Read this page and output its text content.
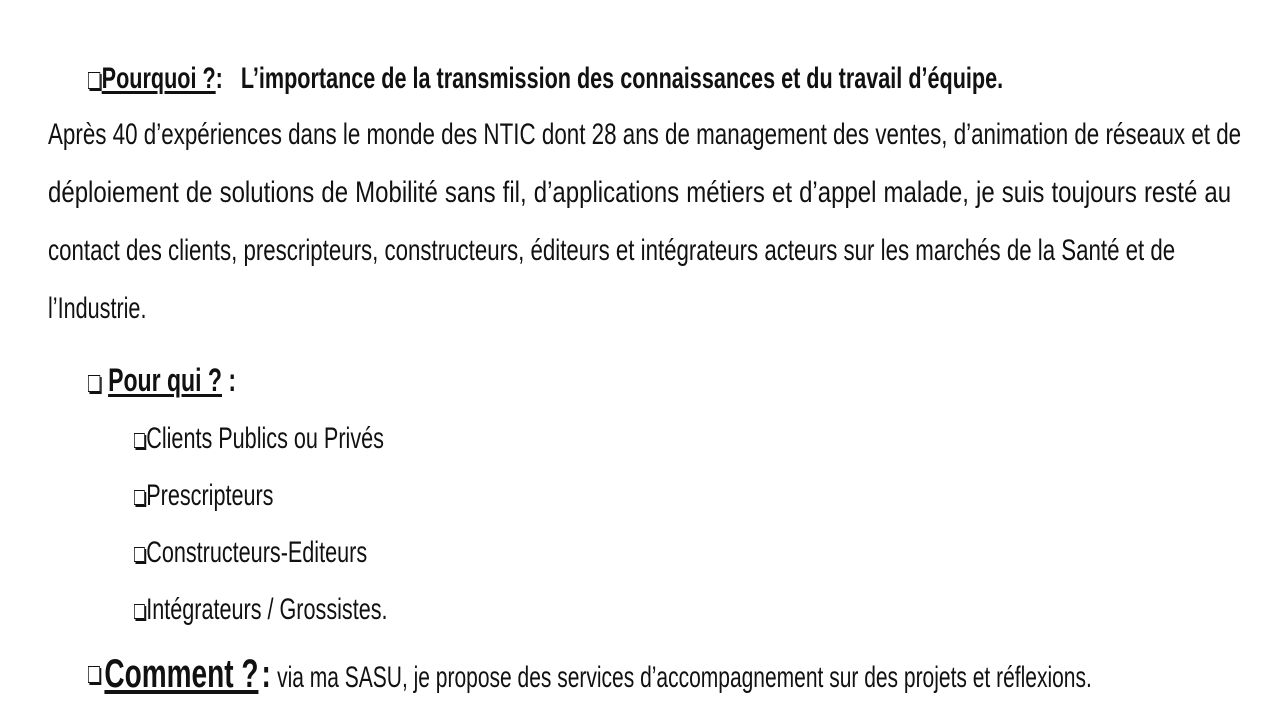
Pourquoi ?: L’importance de la transmission des connaissances et du travail d’équipe.
Après 40 d’expériences dans le monde des NTIC dont 28 ans de management des ventes, d’animation de réseaux et de
déploiement de solutions de Mobilité sans fil, d’applications métiers et d’appel malade, je suis toujours resté au
contact des clients, prescripteurs, constructeurs, éditeurs et intégrateurs acteurs sur les marchés de la Santé et de
l’Industrie.
Pour qui ? :
Clients Publics ou Privés
Prescripteurs
Constructeurs-Editeurs
Intégrateurs / Grossistes.
Comment ? : via ma SASU, je propose des services d’accompagnement sur des projets et réflexions.
